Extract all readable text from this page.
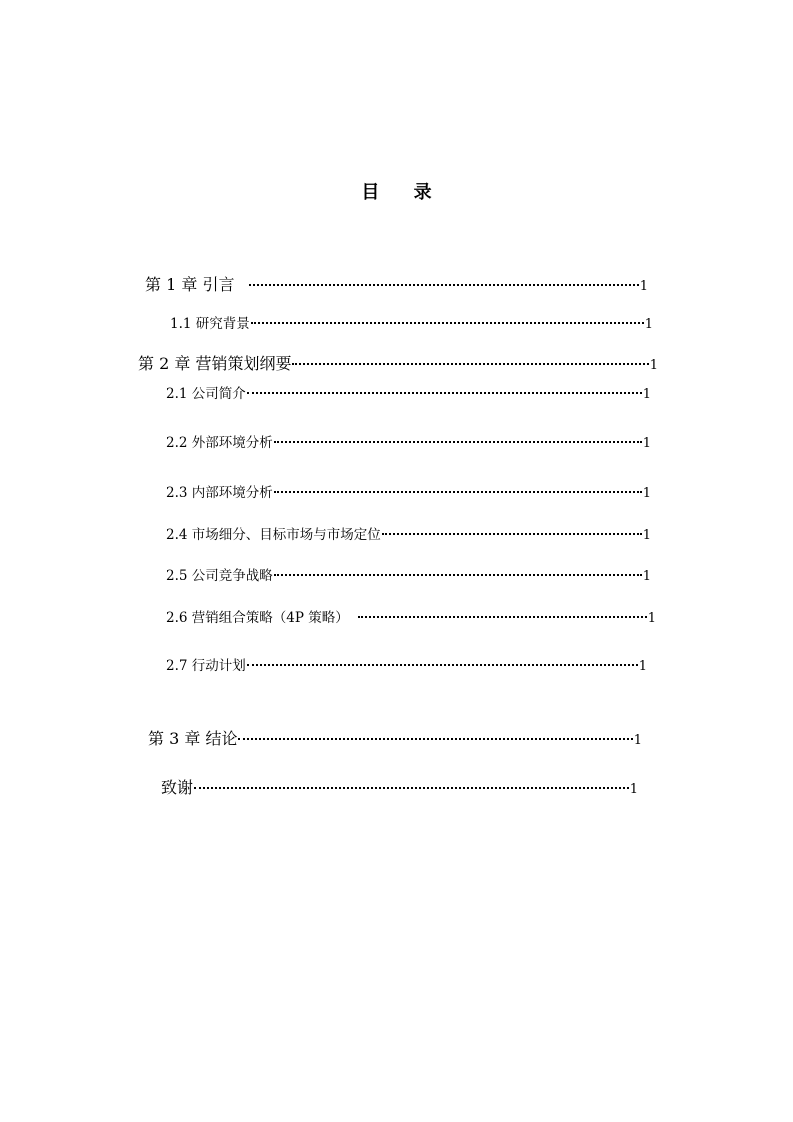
目 录
第 1 章 引言	1
1.1 研究背景	1
第 2 章 营销策划纲要	1
2.1 公司简介	1
2.2 外部环境分析	1
2.3 内部环境分析	1
2.4 市场细分、目标市场与市场定位	1
2.5 公司竞争战略	1
2.6 营销组合策略（4P 策略）	1
2.7 行动计划	1
第 3 章 结论	1
致谢	1
